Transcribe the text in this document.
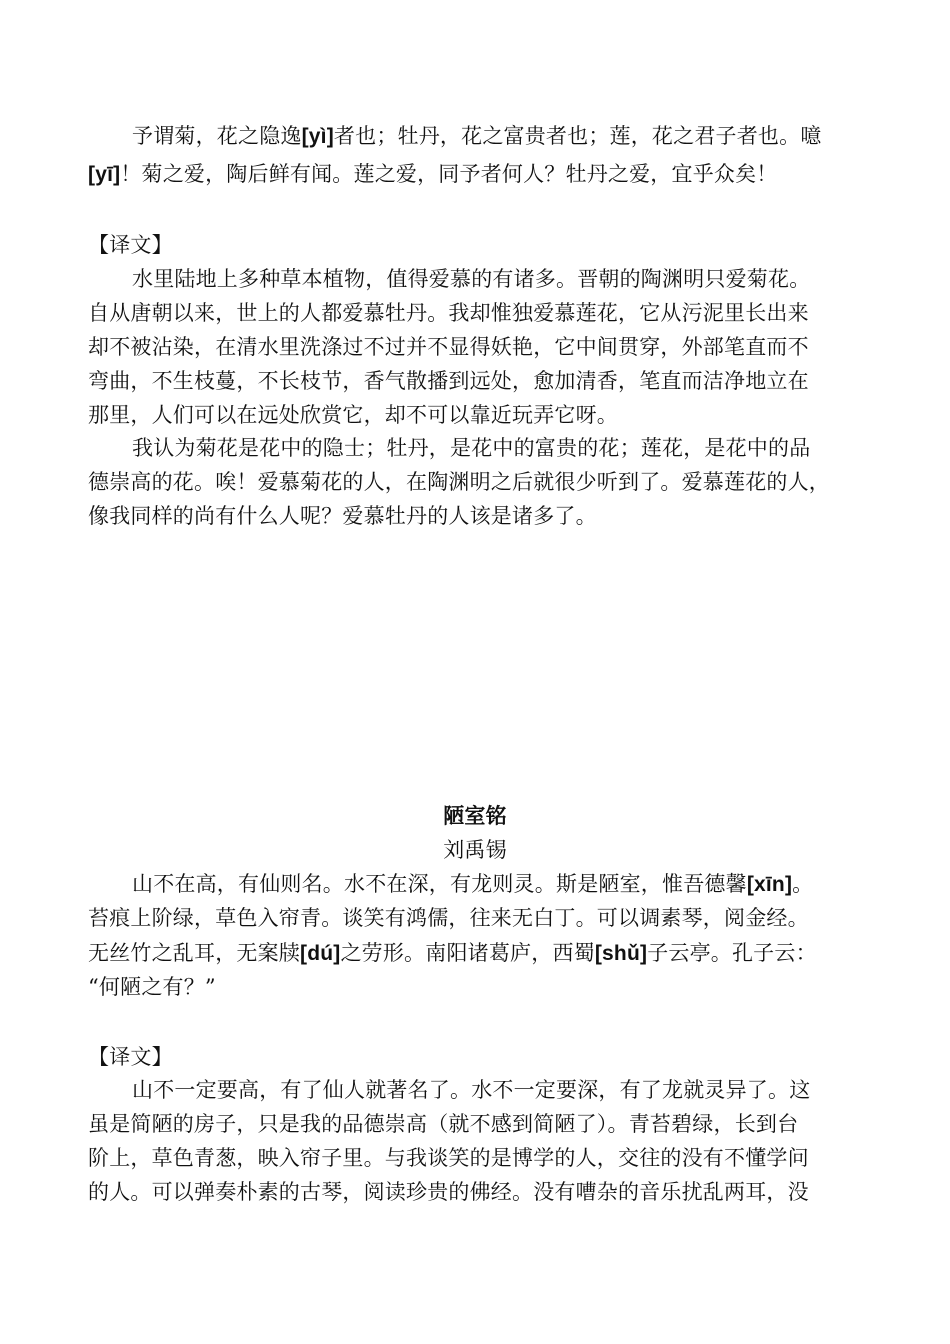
予谓菊，花之隐逸[yì]者也；牡丹，花之富贵者也；莲，花之君子者也。噫
[yī]！菊之爱，陶后鲜有闻。莲之爱，同予者何人？牡丹之爱，宜乎众矣！
【译文】
水里陆地上多种草本植物，值得爱慕的有诸多。晋朝的陶渊明只爱菊花。
自从唐朝以来，世上的人都爱慕牡丹。我却惟独爱慕莲花，它从污泥里长出来
却不被沾染，在清水里洗涤过不过并不显得妖艳，它中间贯穿，外部笔直而不
弯曲，不生枝蔓，不长枝节，香气散播到远处，愈加清香，笔直而洁净地立在
那里，人们可以在远处欣赏它，却不可以靠近玩弄它呀。
我认为菊花是花中的隐士；牡丹，是花中的富贵的花；莲花，是花中的品
德崇高的花。唉！爱慕菊花的人，在陶渊明之后就很少听到了。爱慕莲花的人，
像我同样的尚有什么人呢？爱慕牡丹的人该是诸多了。
陋室铭
刘禹锡
山不在高，有仙则名。水不在深，有龙则灵。斯是陋室，惟吾德馨[xīn]。
苔痕上阶绿，草色入帘青。谈笑有鸿儒，往来无白丁。可以调素琴，阅金经。
无丝竹之乱耳，无案牍[dú]之劳形。南阳诸葛庐，西蜀[shǔ]子云亭。孔子云：
“何陋之有？”
【译文】
山不一定要高，有了仙人就著名了。水不一定要深，有了龙就灵异了。这
虽是简陋的房子，只是我的品德崇高（就不感到简陋了）。青苔碧绿，长到台
阶上，草色青葱，映入帘子里。与我谈笑的是博学的人，交往的没有不懂学问
的人。可以弹奏朴素的古琴，阅读珍贵的佛经。没有嘈杂的音乐扰乱两耳，没
